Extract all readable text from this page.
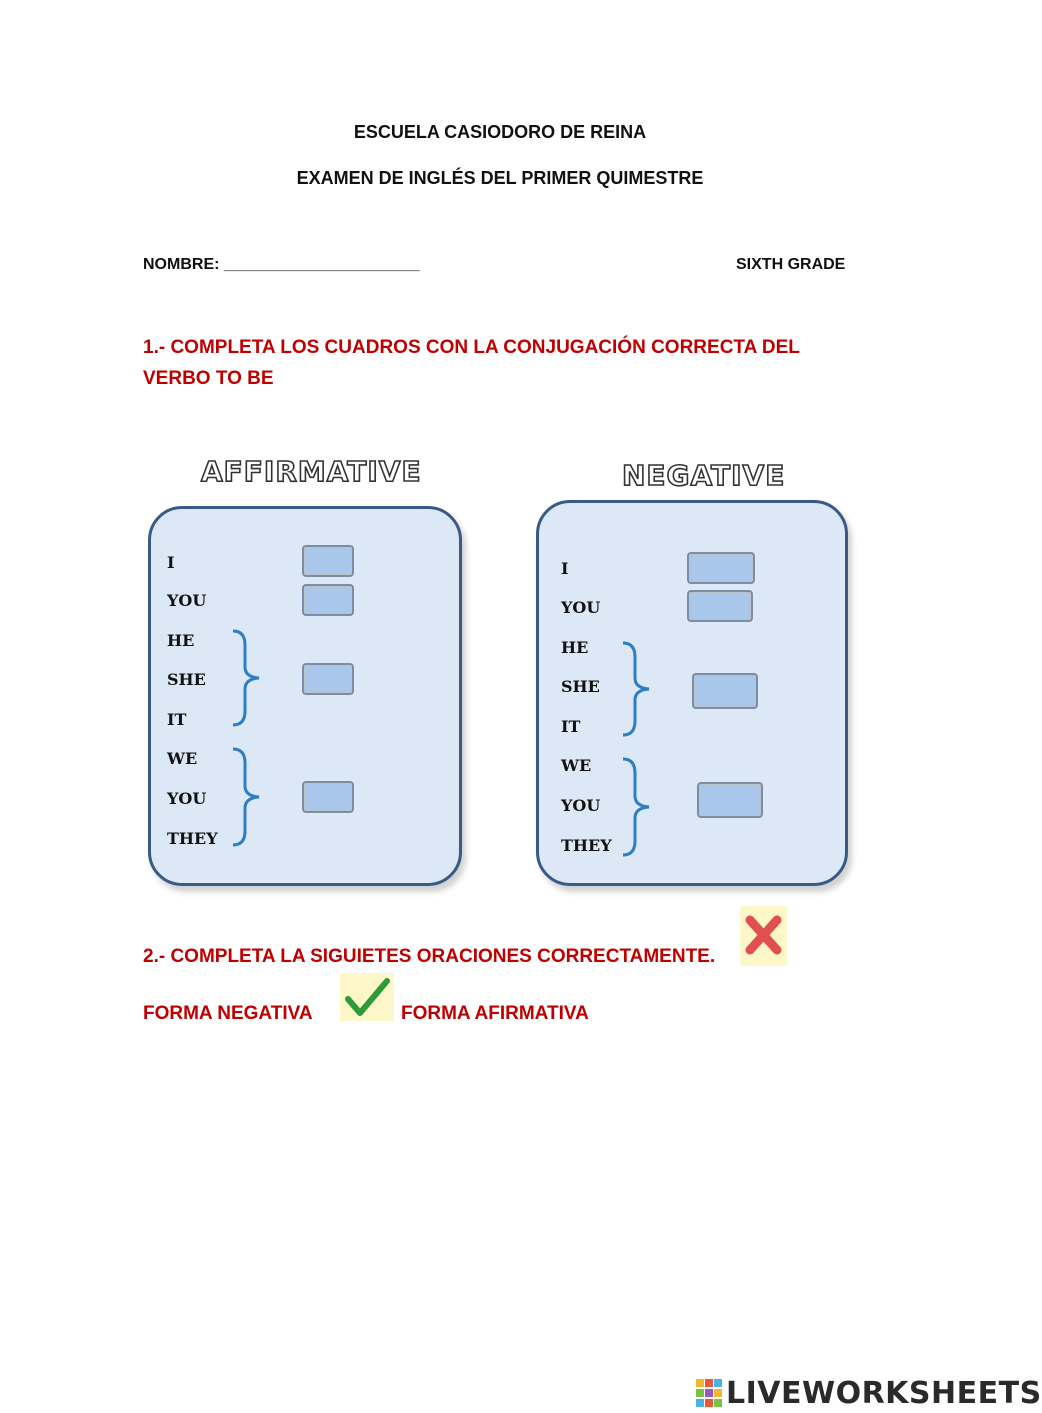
ESCUELA CASIODORO DE REINA
EXAMEN DE INGLÉS DEL PRIMER QUIMESTRE
NOMBRE: ______________________	SIXTH GRADE
1.- COMPLETA LOS CUADROS CON LA CONJUGACIÓN CORRECTA DEL
VERBO TO BE
AFFIRMATIVE	NEGATIVE
I
YOU
HE
SHE
IT
WE
YOU
THEY
I
YOU
HE
SHE
IT
WE
YOU
THEY
2.- COMPLETA LA SIGUIETES ORACIONES CORRECTAMENTE.
FORMA NEGATIVA	FORMA AFIRMATIVA
LIVEWORKSHEETS
